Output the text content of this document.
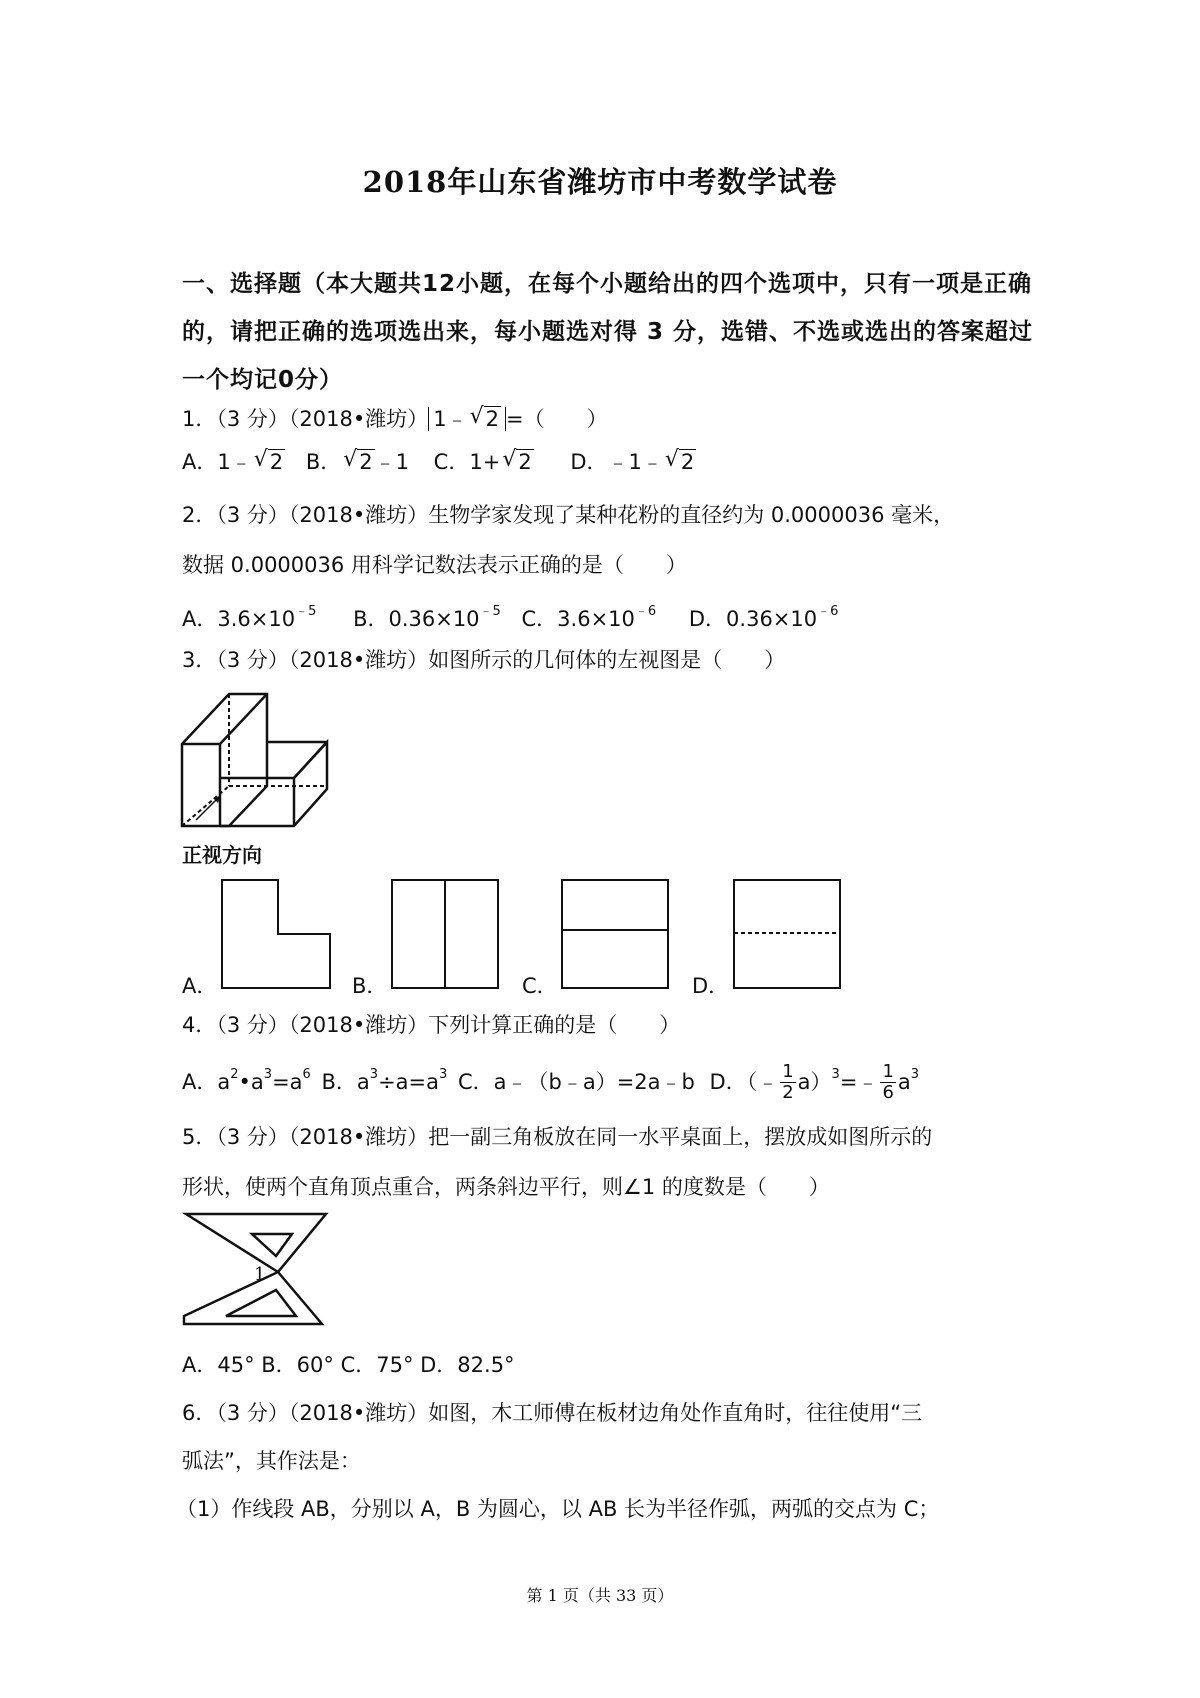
2018年山东省潍坊市中考数学试卷
一、选择题（本大题共12小题，在每个小题给出的四个选项中，只有一项是正确的，请把正确的选项选出来，每小题选对得 3 分，选错、不选或选出的答案超过一个均记0分）
1．（3 分）（2018•潍坊） 1﹣ √ 2 =（　　）
A．1﹣ √ 2 B． √ 2﹣1 C．1+ √ 2 D．﹣1﹣ √ 2
2．（3 分）（2018•潍坊）生物学家发现了某种花粉的直径约为 0.0000036 毫米，
数据 0.0000036 用科学记数法表示正确的是（　　）
A．$3.6\times 10^{﹣5}$ B．$0.36\times 10^{﹣5}$ C．$3.6\times 10^{﹣6}$ D．$0.36\times 10^{﹣6}$
3．（3 分）（2018•潍坊）如图所示的几何体的左视图是（　　）
正视方向
A．	B．	C．	D．
4．（3 分）（2018•潍坊）下列计算正确的是（　　）
A．$a^2•a^3=a^6$ B．$a^3\div a=a^3$ C．a﹣（b﹣a）=2a﹣b D．（﹣ $\frac{1}{2}$ a）$^3$=﹣ $\frac{1}{6} a^3$
5．（3 分）（2018•潍坊）把一副三角板放在同一水平桌面上，摆放成如图所示的
形状，使两个直角顶点重合，两条斜边平行，则∠1 的度数是（　　）
1
A．45° B．60° C．75° D．82.5°
6．（3 分）（2018•潍坊）如图，木工师傅在板材边角处作直角时，往往使用“三
弧法”，其作法是：
（1）作线段 AB，分别以 A，B 为圆心，以 AB 长为半径作弧，两弧的交点为 C；
第 1 页（共 33 页）
